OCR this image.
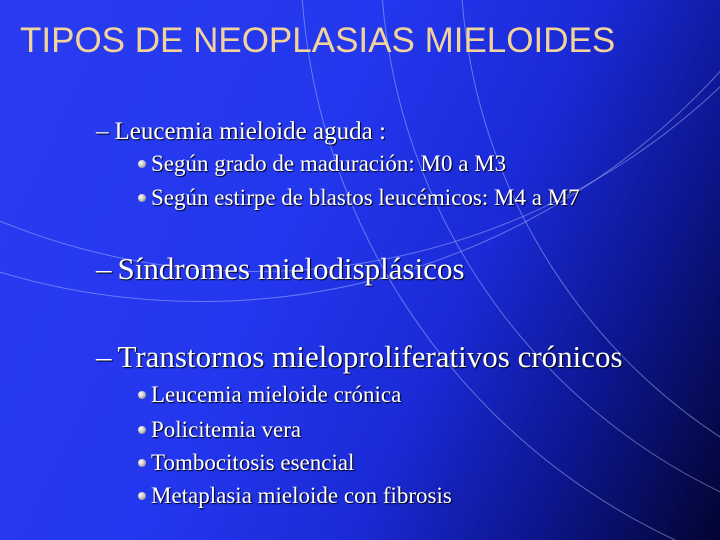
TIPOS DE NEOPLASIAS MIELOIDES
– Leucemia mieloide aguda :
Según grado de maduración: M0 a M3
Según estirpe de blastos leucémicos: M4 a M7
– Síndromes mielodisplásicos
– Transtornos mieloproliferativos crónicos
Leucemia mieloide crónica
Policitemia vera
Tombocitosis esencial
Metaplasia mieloide con fibrosis
